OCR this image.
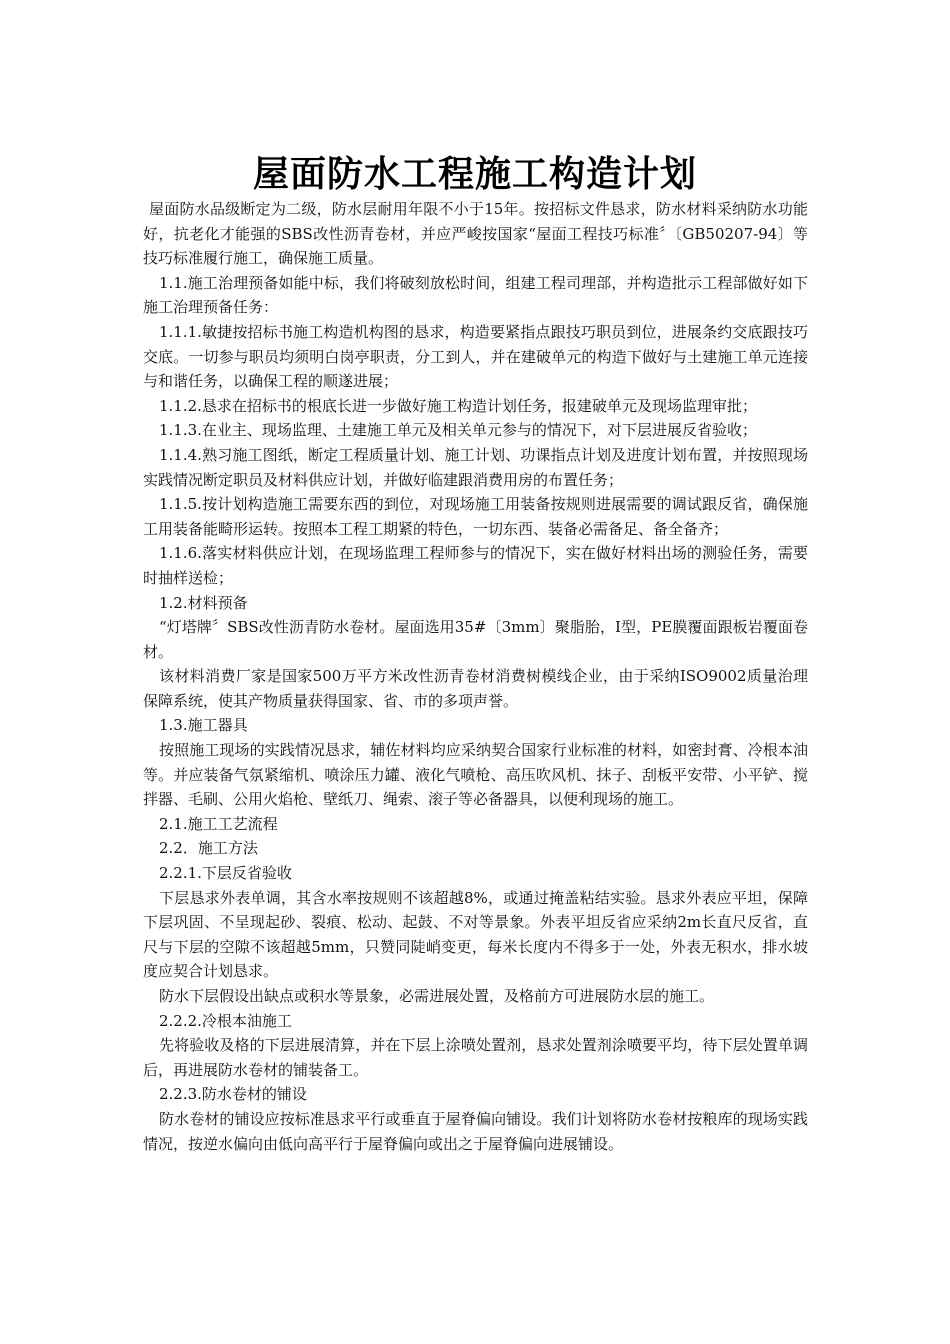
屋面防水工程施工构造计划

屋面防水品级断定为二级，防水层耐用年限不小于15年。按招标文件恳求，防水材料采纳防水功能好，抗老化才能强的SBS改性沥青卷材，并应严峻按国家“屋面工程技巧标准〞〔GB50207-94〕等技巧标准履行施工，确保施工质量。

1.1.施工治理预备如能中标，我们将破刻放松时间，组建工程司理部，并构造批示工程部做好如下施工治理预备任务：

1.1.1.敏捷按招标书施工构造机构图的恳求，构造要紧指点跟技巧职员到位，进展条约交底跟技巧交底。一切参与职员均须明白岗亭职责，分工到人，并在建破单元的构造下做好与土建施工单元连接与和谐任务，以确保工程的顺遂进展；

1.1.2.恳求在招标书的根底长进一步做好施工构造计划任务，报建破单元及现场监理审批；

1.1.3.在业主、现场监理、土建施工单元及相关单元参与的情况下，对下层进展反省验收；

1.1.4.熟习施工图纸，断定工程质量计划、施工计划、功课指点计划及进度计划布置，并按照现场实践情况断定职员及材料供应计划，并做好临建跟消费用房的布置任务；

1.1.5.按计划构造施工需要东西的到位，对现场施工用装备按规则进展需要的调试跟反省，确保施工用装备能畸形运转。按照本工程工期紧的特色，一切东西、装备必需备足、备全备齐；

1.1.6.落实材料供应计划，在现场监理工程师参与的情况下，实在做好材料出场的测验任务，需要时抽样送检；

1.2.材料预备

“灯塔牌〞SBS改性沥青防水卷材。屋面选用35#〔3mm〕聚脂胎，I型，PE膜覆面跟板岩覆面卷材。

该材料消费厂家是国家500万平方米改性沥青卷材消费树模线企业，由于采纳ISO9002质量治理保障系统，使其产物质量获得国家、省、市的多项声誉。

1.3.施工器具

按照施工现场的实践情况恳求，辅佐材料均应采纳契合国家行业标准的材料，如密封膏、冷根本油等。并应装备气氛紧缩机、喷涂压力罐、液化气喷枪、高压吹风机、抹子、刮板平安带、小平铲、搅拌器、毛刷、公用火焰枪、壁纸刀、绳索、滚子等必备器具，以便利现场的施工。

2.1.施工工艺流程

2.2．施工方法

2.2.1.下层反省验收

下层恳求外表单调，其含水率按规则不该超越8%，或通过掩盖粘结实验。恳求外表应平坦，保障下层巩固、不呈现起砂、裂痕、松动、起鼓、不对等景象。外表平坦反省应采纳2m长直尺反省，直尺与下层的空隙不该超越5mm，只赞同陡峭变更，每米长度内不得多于一处，外表无积水，排水坡度应契合计划恳求。

防水下层假设出缺点或积水等景象，必需进展处置，及格前方可进展防水层的施工。

2.2.2.冷根本油施工

先将验收及格的下层进展清算，并在下层上涂喷处置剂，恳求处置剂涂喷要平均，待下层处置单调后，再进展防水卷材的铺装备工。

2.2.3.防水卷材的铺设

防水卷材的铺设应按标准恳求平行或垂直于屋脊偏向铺设。我们计划将防水卷材按粮库的现场实践情况，按逆水偏向由低向高平行于屋脊偏向或出之于屋脊偏向进展铺设。
